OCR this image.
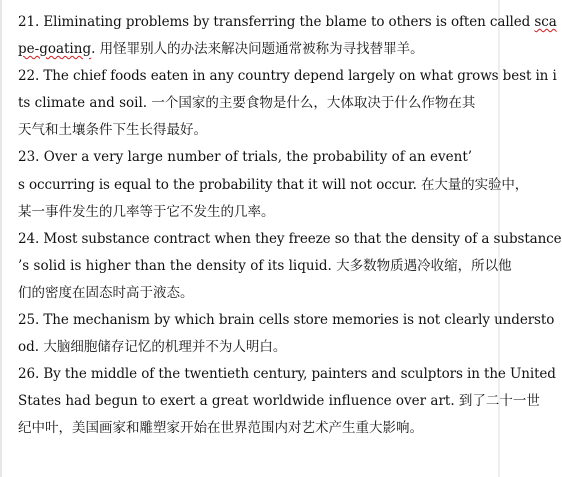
21. Eliminating problems by transferring the blame to others is often called sca
pe-goating. 用怪罪别人的办法来解决问题通常被称为寻找替罪羊。
22. The chief foods eaten in any country depend largely on what grows best in i
ts climate and soil. 一个国家的主要食物是什么，大体取决于什么作物在其
天气和土壤条件下生长得最好。
23. Over a very large number of trials, the probability of an event’
s occurring is equal to the probability that it will not occur. 在大量的实验中，
某一事件发生的几率等于它不发生的几率。
24. Most substance contract when they freeze so that the density of a substance
’s solid is higher than the density of its liquid. 大多数物质遇冷收缩，所以他
们的密度在固态时高于液态。
25. The mechanism by which brain cells store memories is not clearly understo
od. 大脑细胞储存记忆的机理并不为人明白。
26. By the middle of the twentieth century, painters and sculptors in the United
States had begun to exert a great worldwide influence over art. 到了二十一世
纪中叶，美国画家和雕塑家开始在世界范围内对艺术产生重大影响。
